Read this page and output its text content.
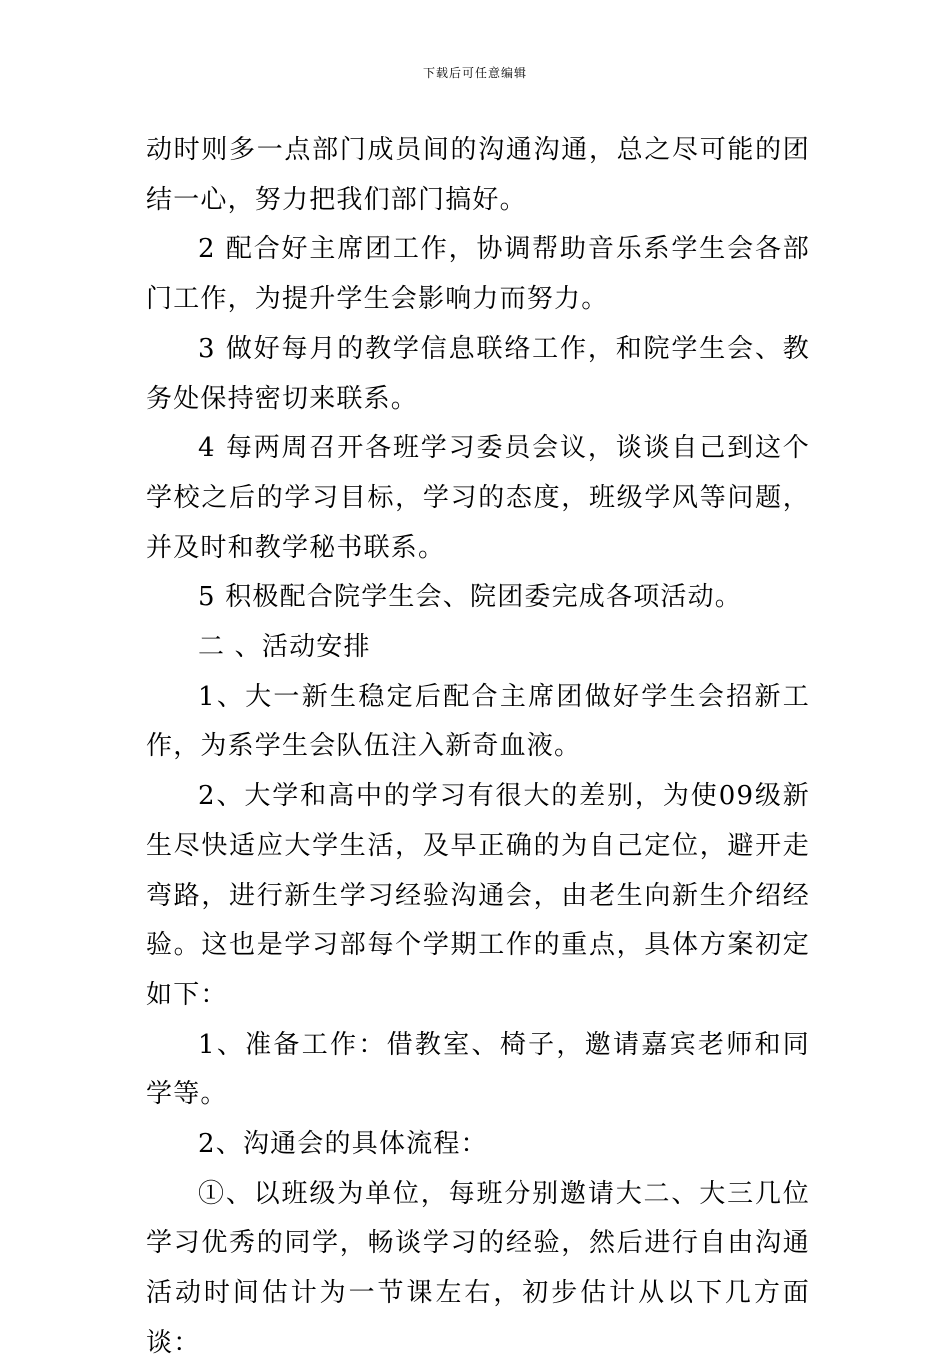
下载后可任意编辑

动时则多一点部门成员间的沟通沟通，总之尽可能的团结一心，努力把我们部门搞好。

2 配合好主席团工作，协调帮助音乐系学生会各部门工作，为提升学生会影响力而努力。

3 做好每月的教学信息联络工作，和院学生会、教务处保持密切来联系。

4 每两周召开各班学习委员会议，谈谈自己到这个学校之后的学习目标，学习的态度，班级学风等问题，并及时和教学秘书联系。

5 积极配合院学生会、院团委完成各项活动。

二 、活动安排

1、大一新生稳定后配合主席团做好学生会招新工作，为系学生会队伍注入新奇血液。

2、大学和高中的学习有很大的差别，为使09级新生尽快适应大学生活，及早正确的为自己定位，避开走弯路，进行新生学习经验沟通会，由老生向新生介绍经验。这也是学习部每个学期工作的重点，具体方案初定如下：

1、准备工作：借教室、椅子，邀请嘉宾老师和同学等。

2、沟通会的具体流程：

①、以班级为单位，每班分别邀请大二、大三几位学习优秀的同学，畅谈学习的经验，然后进行自由沟通活动时间估计为一节课左右，初步估计从以下几方面谈：
